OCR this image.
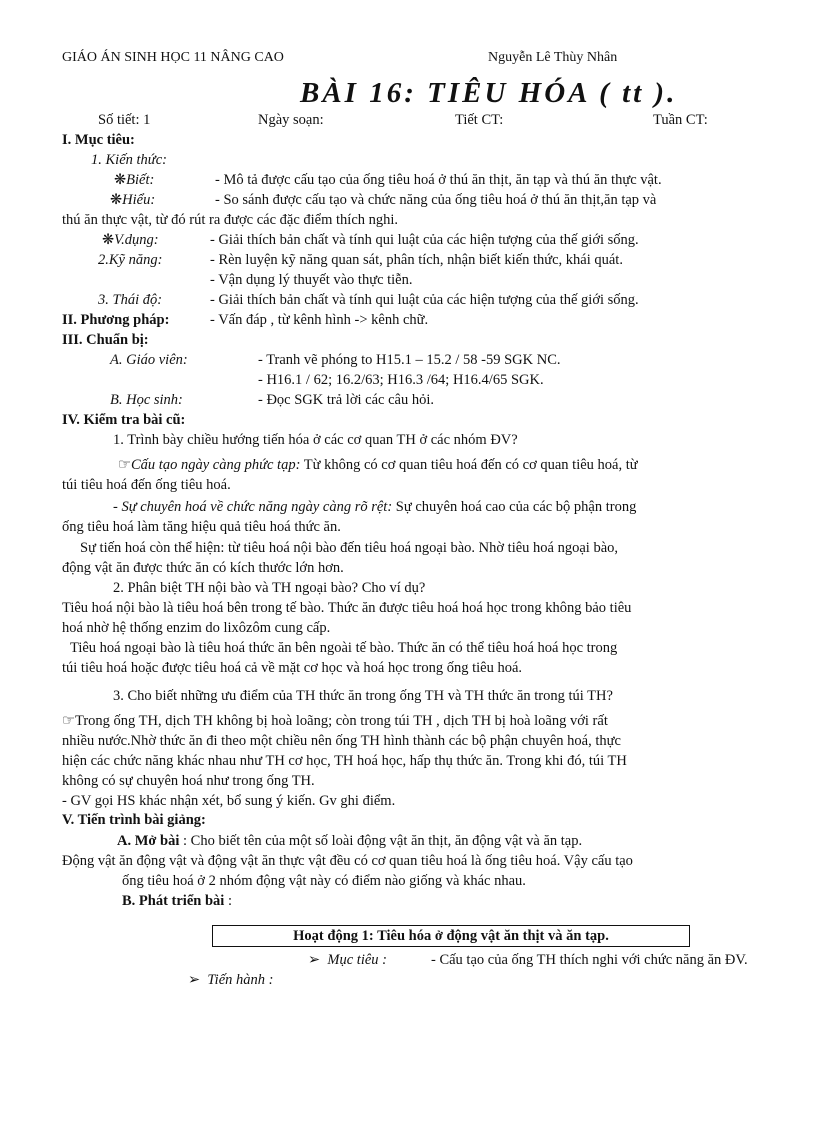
GIÁO ÁN SINH HỌC 11 NÂNG CAO	Nguyễn Lê Thùy Nhân
BÀI 16: TIÊU HÓA ( tt ).
Số tiết: 1	Ngày soạn:	Tiết CT:	Tuần CT:
I. Mục tiêu:
1. Kiến thức:
❋Biết:	- Mô tả được cấu tạo của ống tiêu hoá ở thú ăn thịt, ăn tạp và thú ăn thực vật.
❋Hiểu:	- So sánh được cấu tạo và chức năng của ống tiêu hoá ở thú ăn thịt,ăn tạp và
thú ăn thực vật, từ đó rút ra được các đặc điểm thích nghi.
❋V.dụng:	- Giải thích bản chất và tính qui luật của các hiện tượng của thế giới sống.
2.Kỹ năng:	- Rèn luyện kỹ năng quan sát, phân tích, nhận biết kiến thức, khái quát.
- Vận dụng lý thuyết vào thực tiễn.
3. Thái độ:	- Giải thích bản chất và tính qui luật của các hiện tượng của thế giới sống.
II. Phương pháp:	- Vấn đáp , từ kênh hình -> kênh chữ.
III. Chuẩn bị:
A. Giáo viên:	- Tranh vẽ phóng to H15.1 – 15.2 / 58 -59 SGK NC.
- H16.1 / 62; 16.2/63; H16.3 /64; H16.4/65 SGK.
B. Học sinh:	- Đọc SGK trả lời các câu hỏi.
IV. Kiểm tra bài cũ:
1. Trình bày chiều hướng tiến hóa ở các cơ quan TH ở các nhóm ĐV?
☞Cấu tạo ngày càng phức tạp: Từ không có cơ quan tiêu hoá đến có cơ quan tiêu hoá, từ
túi tiêu hoá đến ống tiêu hoá.
- Sự chuyên hoá về chức năng ngày càng rõ rệt: Sự chuyên hoá cao của các bộ phận trong
ống tiêu hoá làm tăng hiệu quả tiêu hoá thức ăn.
Sự tiến hoá còn thể hiện: từ tiêu hoá nội bào đến tiêu hoá ngoại bào. Nhờ tiêu hoá ngoại bào,
động vật ăn được thức ăn có kích thước lớn hơn.
2. Phân biệt TH nội bào và TH ngoại bào? Cho ví dụ?
Tiêu hoá nội bào là tiêu hoá bên trong tế bào. Thức ăn được tiêu hoá hoá học trong không bảo tiêu
hoá nhờ hệ thống enzim do lixôzôm cung cấp.
Tiêu hoá ngoại bào là tiêu hoá thức ăn bên ngoài tế bào. Thức ăn có thể tiêu hoá hoá học trong
túi tiêu hoá hoặc được tiêu hoá cả về mặt cơ học và hoá học trong ống tiêu hoá.
3. Cho biết những ưu điểm của TH thức ăn trong ống TH và TH thức ăn trong túi TH?
☞Trong ống TH, dịch TH không bị hoà loãng; còn trong túi TH , dịch TH bị hoà loãng với rất
nhiều nước.Nhờ thức ăn đi theo một chiều nên ống TH hình thành các bộ phận chuyên hoá, thực
hiện các chức năng khác nhau như TH cơ học, TH hoá học, hấp thụ thức ăn. Trong khi đó, túi TH
không có sự chuyên hoá như trong ống TH.
- GV gọi HS khác nhận xét, bổ sung ý kiến. Gv ghi điểm.
V. Tiến trình bài giảng:
A. Mở bài : Cho biết tên của một số loài động vật ăn thịt, ăn động vật và ăn tạp.
Động vật ăn động vật và động vật ăn thực vật đều có cơ quan tiêu hoá là ống tiêu hoá. Vậy cấu tạo
ống tiêu hoá ở 2 nhóm động vật này có điểm nào giống và khác nhau.
B. Phát triển bài :
Hoạt động 1: Tiêu hóa ở động vật ăn thịt và ăn tạp.
➢ Mục tiêu :	- Cấu tạo của ống TH thích nghi với chức năng ăn ĐV.
➢ Tiến hành :
